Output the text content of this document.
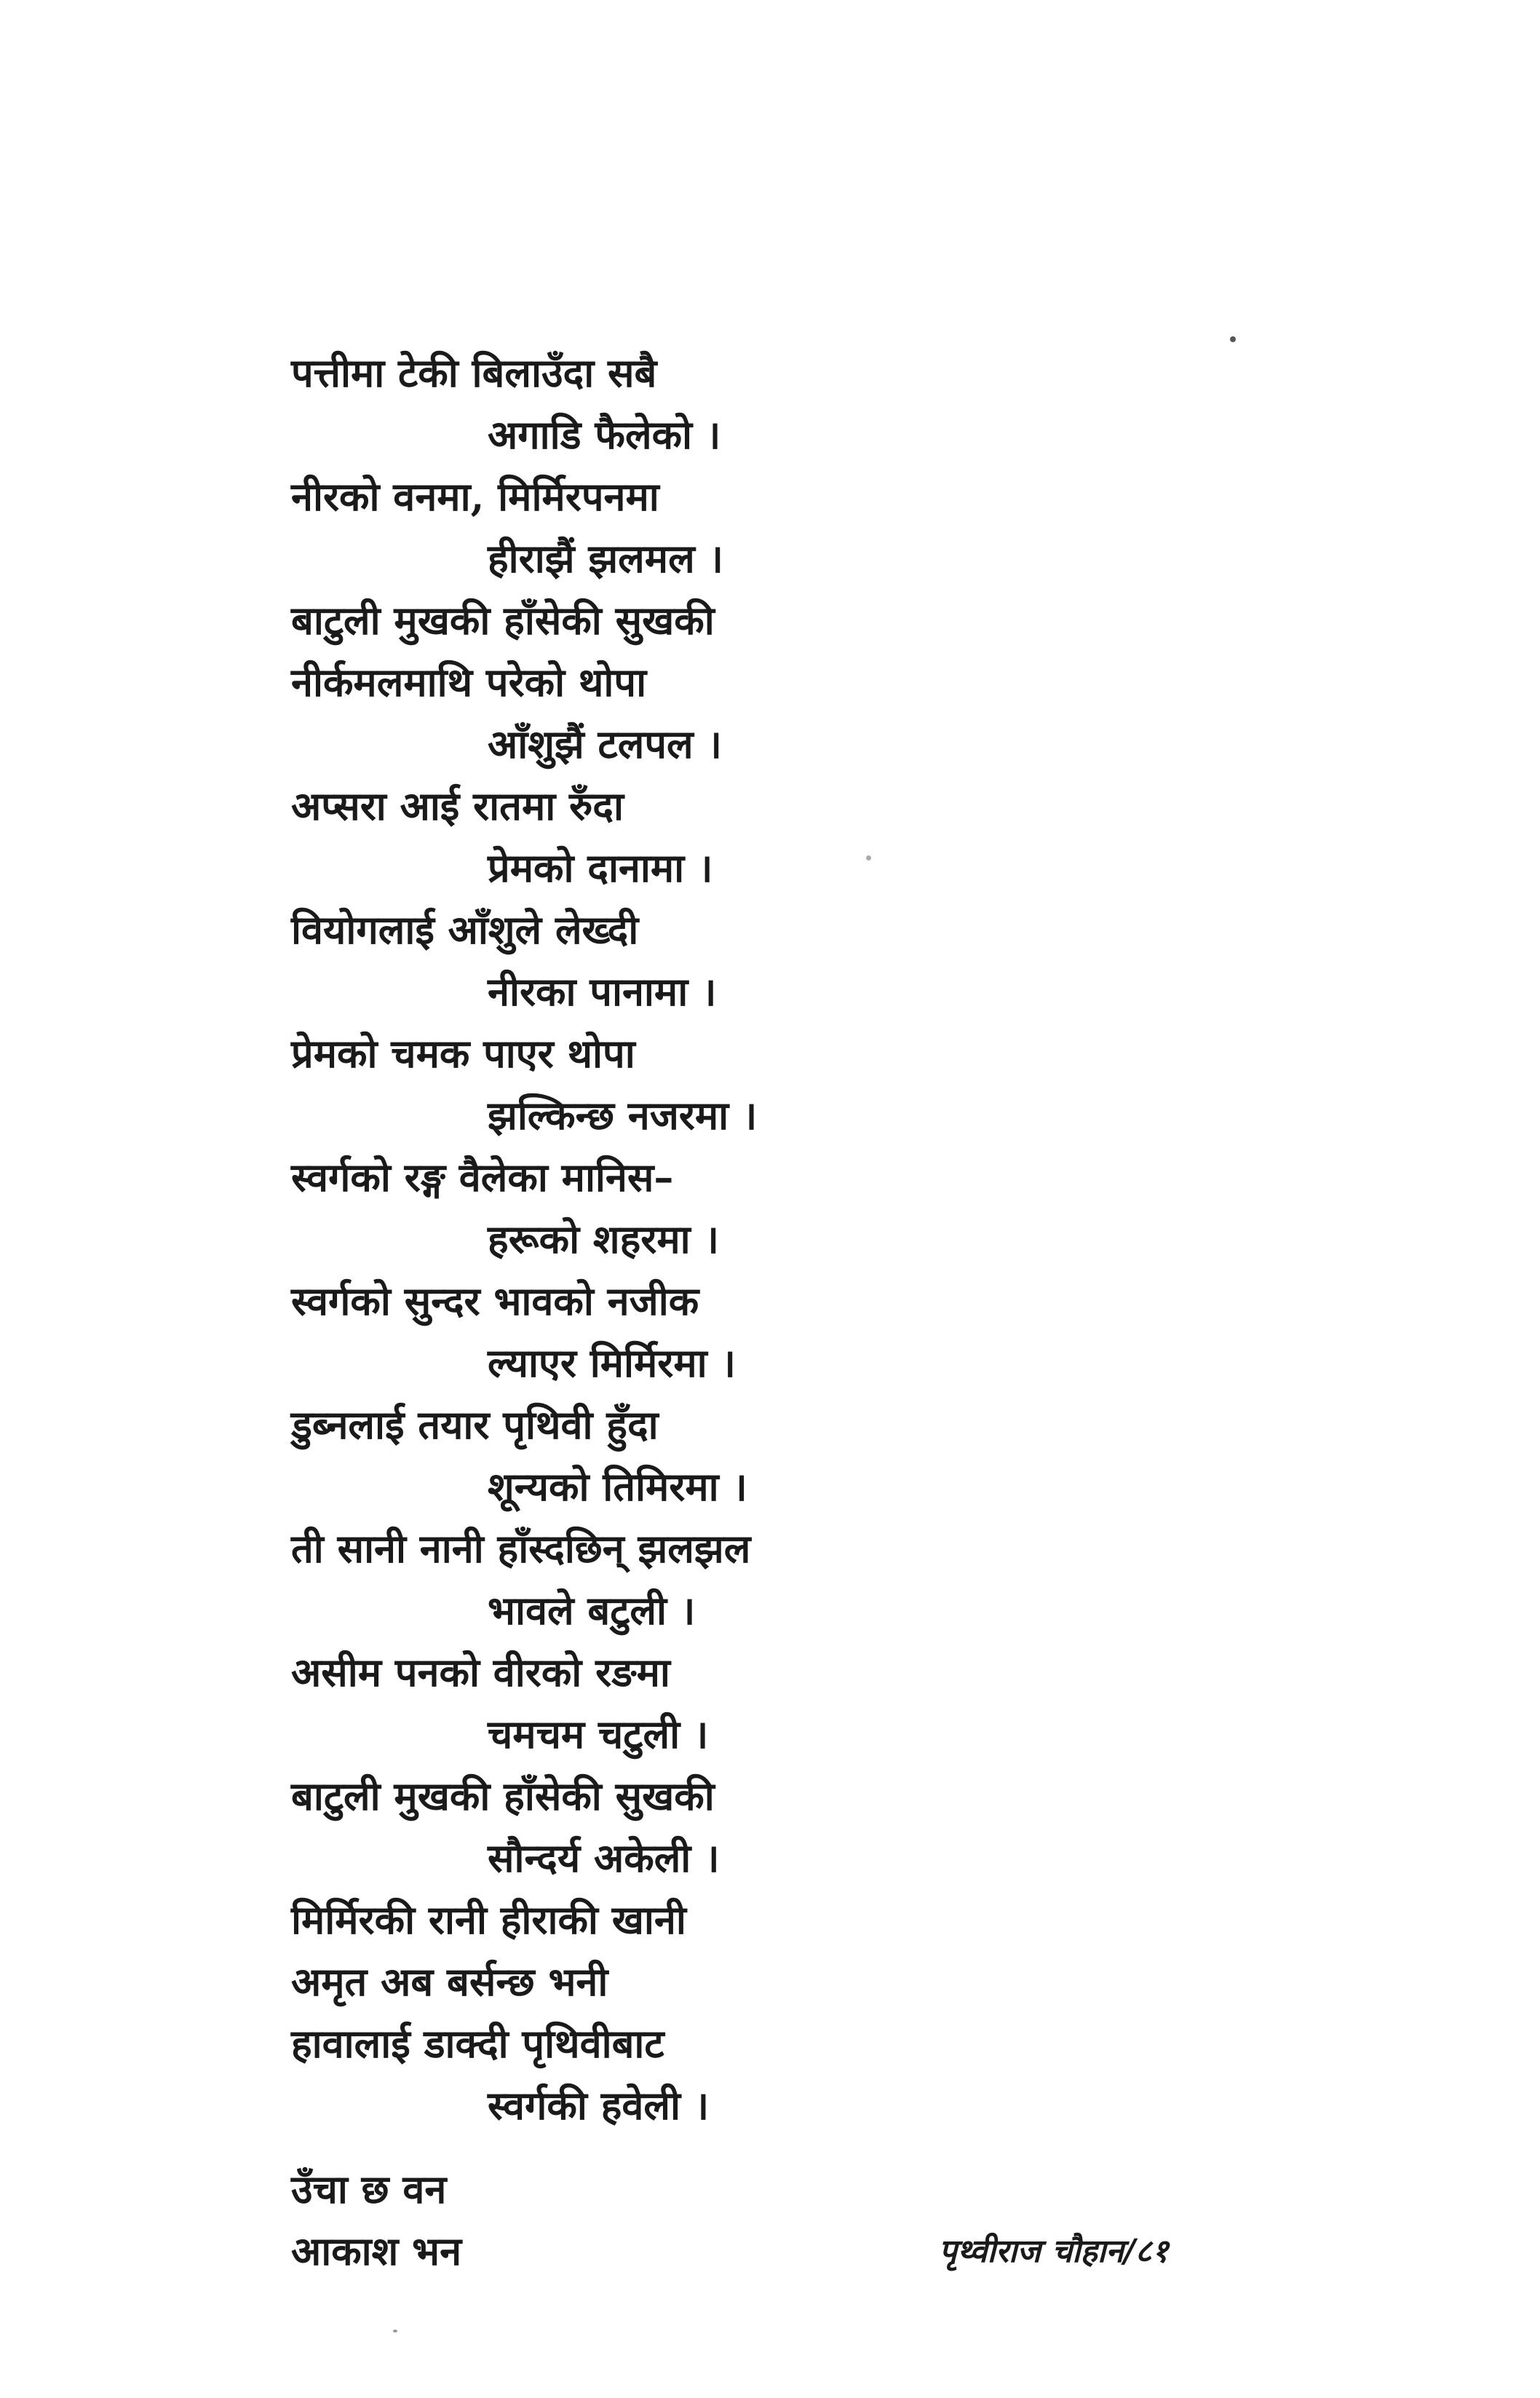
पत्तीमा टेकी बिलाउँदा सबै
अगाडि फैलेको ।
नीरको वनमा, मिर्मिरपनमा
हीराझैं झलमल ।
बाटुली मुखकी हाँसेकी सुखकी
नीर्कमलमाथि परेको थोपा
आँशुझैं टलपल ।
अप्सरा आई रातमा रुँदा
प्रेमको दानामा ।
वियोगलाई आँशुले लेख्दी
नीरका पानामा ।
प्रेमको चमक पाएर थोपा
झल्किन्छ नजरमा ।
स्वर्गको रङ्ग वैलेका मानिस–
हरूको शहरमा ।
स्वर्गको सुन्दर भावको नजीक
ल्याएर मिर्मिरमा ।
डुब्नलाई तयार पृथिवी हुँदा
शून्यको तिमिरमा ।
ती सानी नानी हाँस्दछिन् झलझल
भावले बटुली ।
असीम पनको वीरको रङमा
चमचम चटुली ।
बाटुली मुखकी हाँसेकी सुखकी
सौन्दर्य अकेली ।
मिर्मिरकी रानी हीराकी खानी
अमृत अब बर्सन्छ भनी
हावालाई डाक्दी पृथिवीबाट
स्वर्गकी हवेली ।
उँचा छ वन
आकाश भन	पृथ्वीराज चौहान/८१
